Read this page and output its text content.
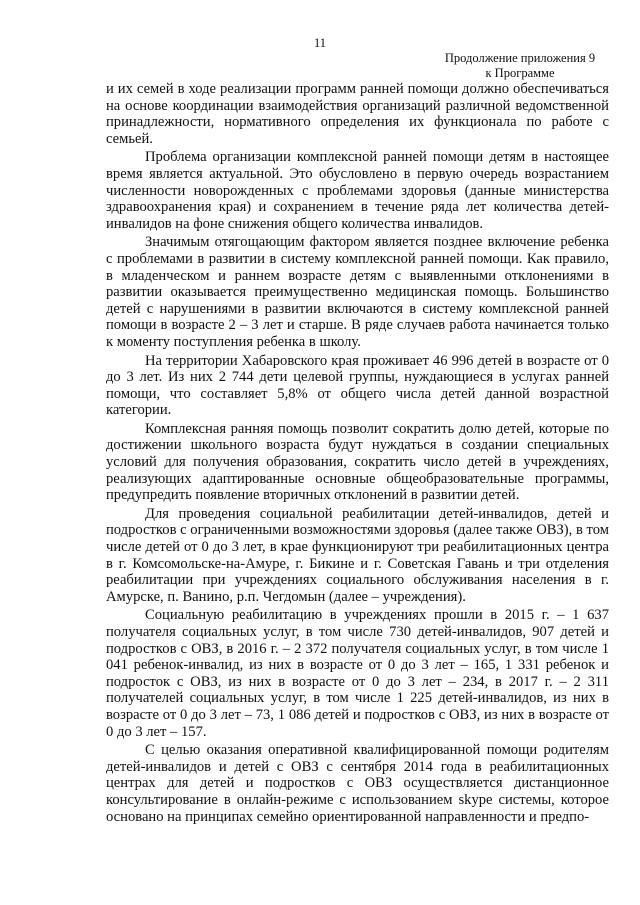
11
Продолжение приложения 9
к Программе

и их семей в ходе реализации программ ранней помощи должно обеспечиваться на основе координации взаимодействия организаций различной ведомственной принадлежности, нормативного определения их функционала по работе с семьей.

Проблема организации комплексной ранней помощи детям в настоящее время является актуальной. Это обусловлено в первую очередь возрастанием численности новорожденных с проблемами здоровья (данные министерства здравоохранения края) и сохранением в течение ряда лет количества детей-инвалидов на фоне снижения общего количества инвалидов.

Значимым отягощающим фактором является позднее включение ребенка с проблемами в развитии в систему комплексной ранней помощи. Как правило, в младенческом и раннем возрасте детям с выявленными отклонениями в развитии оказывается преимущественно медицинская помощь. Большинство детей с нарушениями в развитии включаются в систему комплексной ранней помощи в возрасте 2 – 3 лет и старше. В ряде случаев работа начинается только к моменту поступления ребенка в школу.

На территории Хабаровского края проживает 46 996 детей в возрасте от 0 до 3 лет. Из них 2 744 дети целевой группы, нуждающиеся в услугах ранней помощи, что составляет 5,8% от общего числа детей данной возрастной категории.

Комплексная ранняя помощь позволит сократить долю детей, которые по достижении школьного возраста будут нуждаться в создании специальных условий для получения образования, сократить число детей в учреждениях, реализующих адаптированные основные общеобразовательные программы, предупредить появление вторичных отклонений в развитии детей.

Для проведения социальной реабилитации детей-инвалидов, детей и подростков с ограниченными возможностями здоровья (далее также ОВЗ), в том числе детей от 0 до 3 лет, в крае функционируют три реабилитационных центра в г. Комсомольске-на-Амуре, г. Бикине и г. Советская Гавань и три отделения реабилитации при учреждениях социального обслуживания населения в г. Амурске, п. Ванино, р.п. Чегдомын (далее – учреждения).

Социальную реабилитацию в учреждениях прошли в 2015 г. – 1 637 получателя социальных услуг, в том числе 730 детей-инвалидов, 907 детей и подростков с ОВЗ, в 2016 г. – 2 372 получателя социальных услуг, в том числе 1 041 ребенок-инвалид, из них в возрасте от 0 до 3 лет – 165, 1 331 ребенок и подросток с ОВЗ, из них в возрасте от 0 до 3 лет – 234, в 2017 г. – 2 311 получателей социальных услуг, в том числе 1 225 детей-инвалидов, из них в возрасте от 0 до 3 лет – 73, 1 086 детей и подростков с ОВЗ, из них в возрасте от 0 до 3 лет – 157.

С целью оказания оперативной квалифицированной помощи родителям детей-инвалидов и детей с ОВЗ с сентября 2014 года в реабилитационных центрах для детей и подростков с ОВЗ осуществляется дистанционное консультирование в онлайн-режиме с использованием skype системы, которое основано на принципах семейно ориентированной направленности и предпо-
